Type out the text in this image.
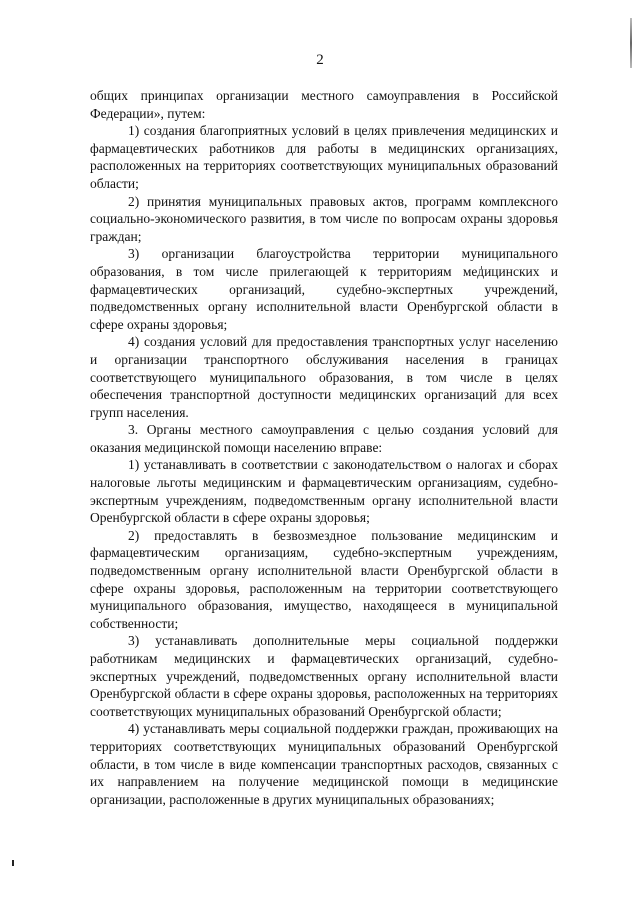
2

общих принципах организации местного самоуправления в Российской Федерации», путем:

1) создания благоприятных условий в целях привлечения медицинских и фармацевтических работников для работы в медицинских организациях, расположенных на территориях соответствующих муниципальных образований области;

2) принятия муниципальных правовых актов, программ комплексного социально-экономического развития, в том числе по вопросам охраны здоровья граждан;

3) организации благоустройства территории муниципального образования, в том числе прилегающей к территориям медицинских и фармацевтических организаций, судебно-экспертных учреждений, подведомственных органу исполнительной власти Оренбургской области в сфере охраны здоровья;

4) создания условий для предоставления транспортных услуг населению и организации транспортного обслуживания населения в границах соответствующего муниципального образования, в том числе в целях обеспечения транспортной доступности медицинских организаций для всех групп населения.

3. Органы местного самоуправления с целью создания условий для оказания медицинской помощи населению вправе:

1) устанавливать в соответствии с законодательством о налогах и сборах налоговые льготы медицинским и фармацевтическим организациям, судебно-экспертным учреждениям, подведомственным органу исполнительной власти Оренбургской области в сфере охраны здоровья;

2) предоставлять в безвозмездное пользование медицинским и фармацевтическим организациям, судебно-экспертным учреждениям, подведомственным органу исполнительной власти Оренбургской области в сфере охраны здоровья, расположенным на территории соответствующего муниципального образования, имущество, находящееся в муниципальной собственности;

3) устанавливать дополнительные меры социальной поддержки работникам медицинских и фармацевтических организаций, судебно-экспертных учреждений, подведомственных органу исполнительной власти Оренбургской области в сфере охраны здоровья, расположенных на территориях соответствующих муниципальных образований Оренбургской области;

4) устанавливать меры социальной поддержки граждан, проживающих на территориях соответствующих муниципальных образований Оренбургской области, в том числе в виде компенсации транспортных расходов, связанных с их направлением на получение медицинской помощи в медицинские организации, расположенные в других муниципальных образованиях;
